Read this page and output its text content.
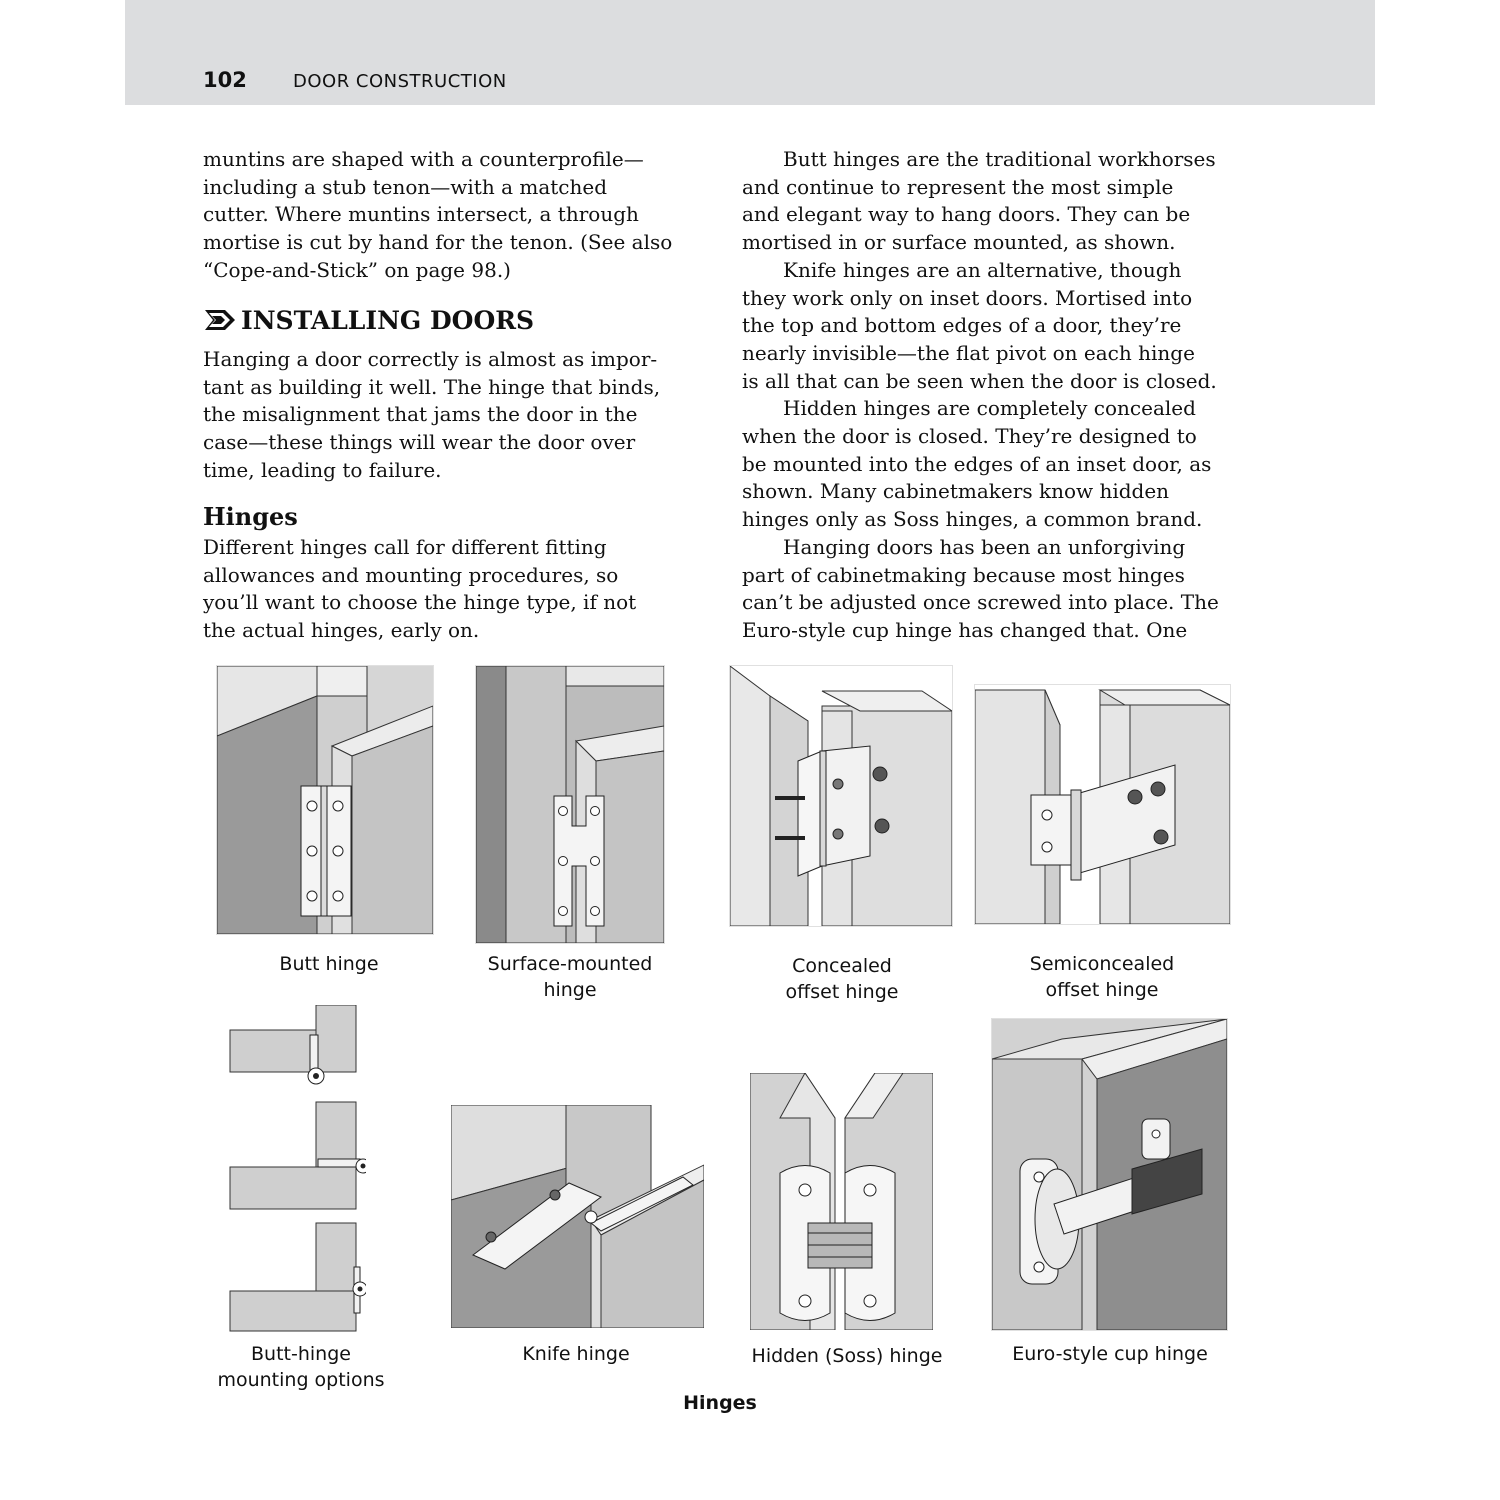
102	DOOR CONSTRUCTION
muntins are shaped with a counterprofile—
including a stub tenon—with a matched
cutter. Where muntins intersect, a through
mortise is cut by hand for the tenon. (See also
“Cope-and-Stick” on page 98.)
INSTALLING DOORS
Hanging a door correctly is almost as impor-
tant as building it well. The hinge that binds,
the misalignment that jams the door in the
case—these things will wear the door over
time, leading to failure.
Hinges
Different hinges call for different fitting
allowances and mounting procedures, so
you’ll want to choose the hinge type, if not
the actual hinges, early on.
Butt hinges are the traditional workhorses
and continue to represent the most simple
and elegant way to hang doors. They can be
mortised in or surface mounted, as shown.
Knife hinges are an alternative, though
they work only on inset doors. Mortised into
the top and bottom edges of a door, they’re
nearly invisible—the flat pivot on each hinge
is all that can be seen when the door is closed.
Hidden hinges are completely concealed
when the door is closed. They’re designed to
be mounted into the edges of an inset door, as
shown. Many cabinetmakers know hidden
hinges only as Soss hinges, a common brand.
Hanging doors has been an unforgiving
part of cabinetmaking because most hinges
can’t be adjusted once screwed into place. The
Euro-style cup hinge has changed that. One
Butt hinge	Surface-mounted
hinge
Concealed
offset hinge
Semiconcealed
offset hinge
Butt-hinge
mounting options
Knife hinge	Hidden (Soss) hinge	Euro-style cup hinge
Hinges
